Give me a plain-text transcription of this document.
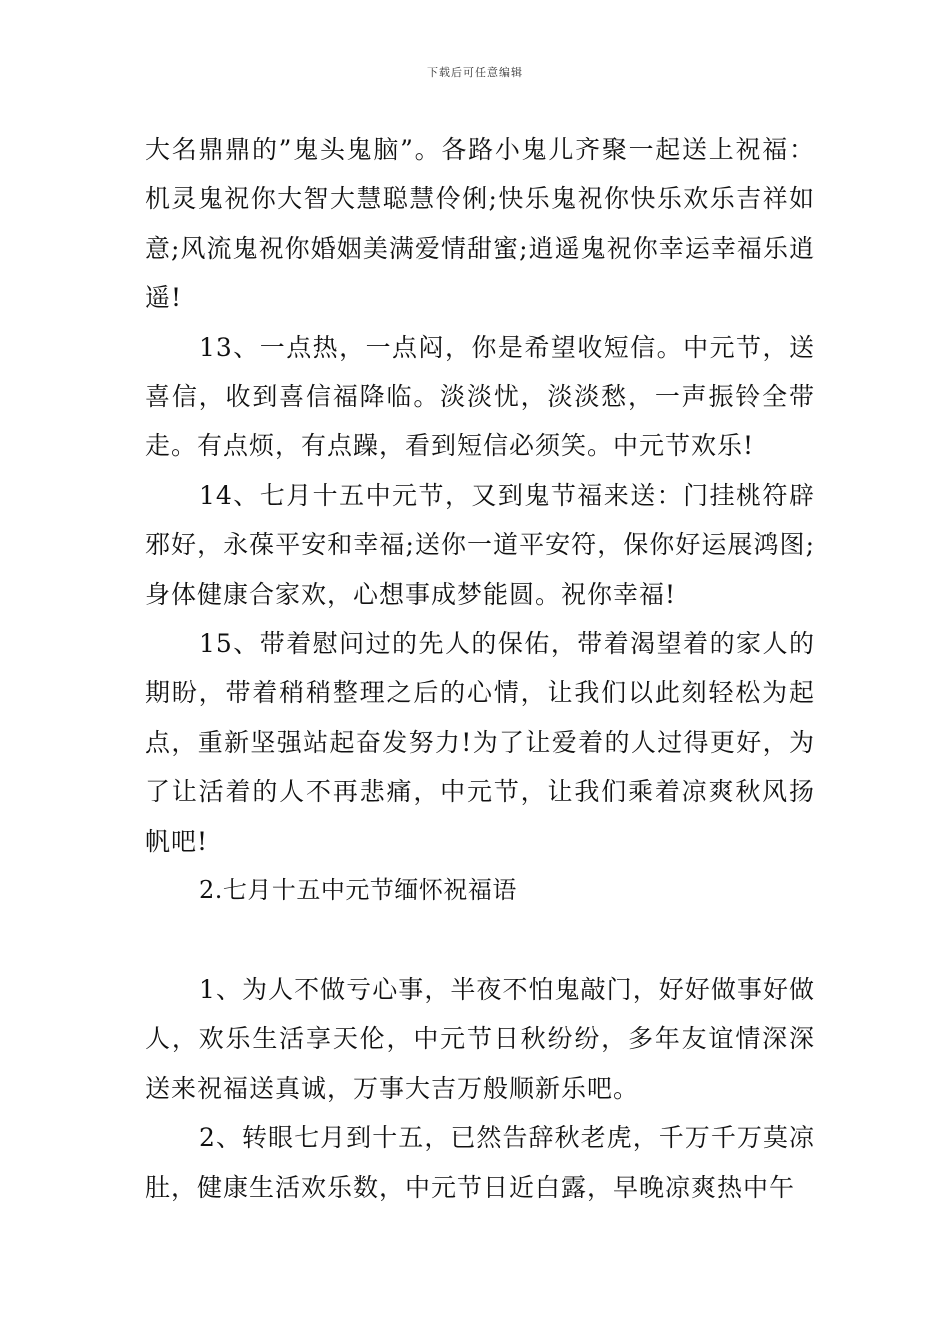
下载后可任意编辑

大名鼎鼎的”鬼头鬼脑”。各路小鬼儿齐聚一起送上祝福：机灵鬼祝你大智大慧聪慧伶俐;快乐鬼祝你快乐欢乐吉祥如意;风流鬼祝你婚姻美满爱情甜蜜;逍遥鬼祝你幸运幸福乐逍遥!

13、一点热，一点闷，你是希望收短信。中元节，送喜信，收到喜信福降临。淡淡忧，淡淡愁，一声振铃全带走。有点烦，有点躁，看到短信必须笑。中元节欢乐!

14、七月十五中元节，又到鬼节福来送：门挂桃符辟邪好，永葆平安和幸福;送你一道平安符，保你好运展鸿图;身体健康合家欢，心想事成梦能圆。祝你幸福!

15、带着慰问过的先人的保佑，带着渴望着的家人的期盼，带着稍稍整理之后的心情，让我们以此刻轻松为起点，重新坚强站起奋发努力!为了让爱着的人过得更好，为了让活着的人不再悲痛，中元节，让我们乘着凉爽秋风扬帆吧!

2.七月十五中元节缅怀祝福语

1、为人不做亏心事，半夜不怕鬼敲门，好好做事好做人，欢乐生活享天伦，中元节日秋纷纷，多年友谊情深深送来祝福送真诚，万事大吉万般顺新乐吧。

2、转眼七月到十五，已然告辞秋老虎，千万千万莫凉肚，健康生活欢乐数，中元节日近白露，早晚凉爽热中午
